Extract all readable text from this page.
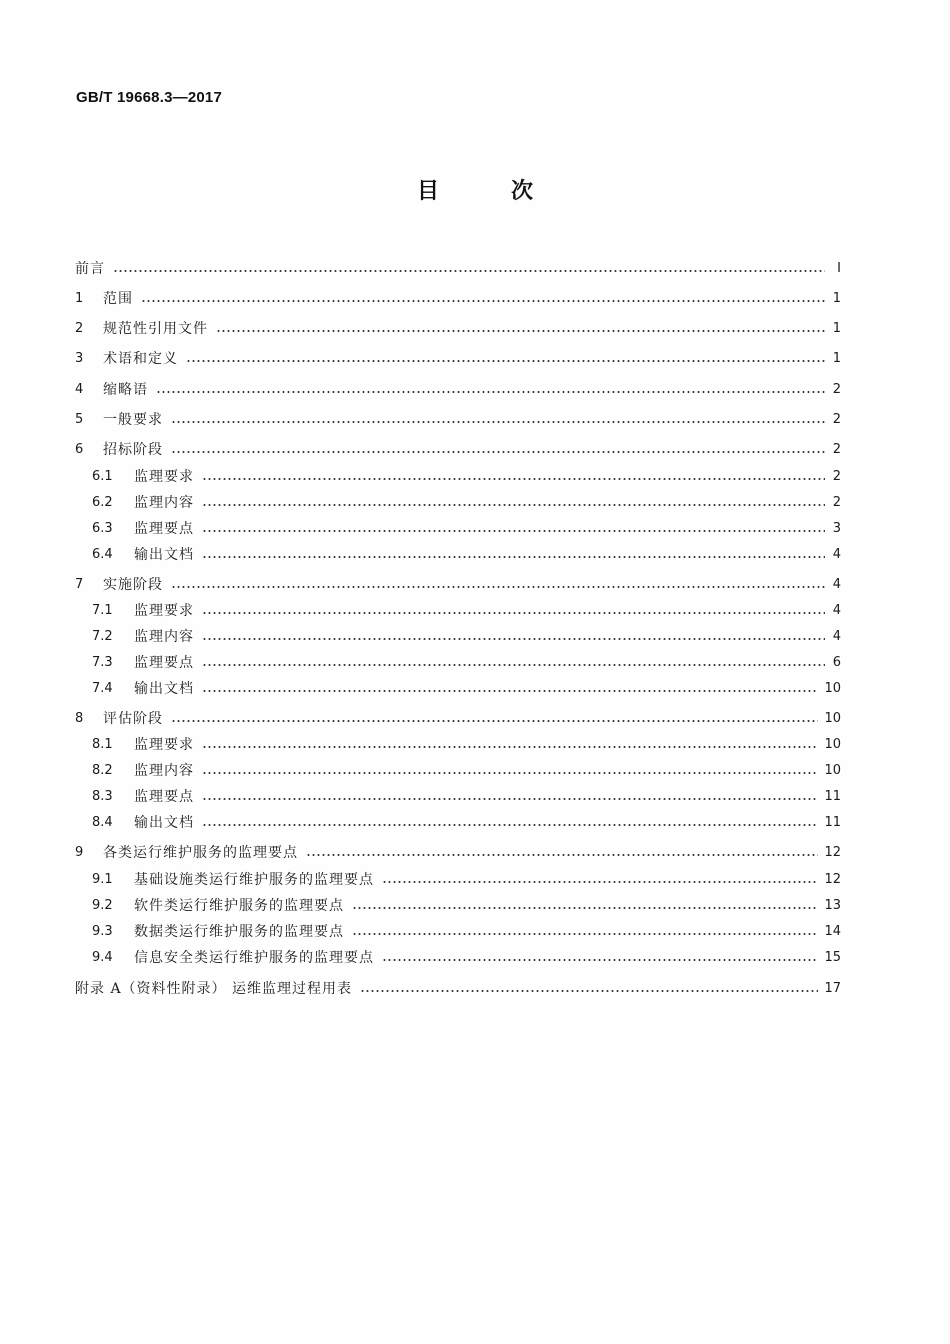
GB/T 19668.3—2017
目	次
前言	Ⅰ
1	范围	1
2	规范性引用文件	1
3	术语和定义	1
4	缩略语	2
5	一般要求	2
6	招标阶段	2
6.1	监理要求	2
6.2	监理内容	2
6.3	监理要点	3
6.4	输出文档	4
7	实施阶段	4
7.1	监理要求	4
7.2	监理内容	4
7.3	监理要点	6
7.4	输出文档	10
8	评估阶段	10
8.1	监理要求	10
8.2	监理内容	10
8.3	监理要点	11
8.4	输出文档	11
9	各类运行维护服务的监理要点	12
9.1	基础设施类运行维护服务的监理要点	12
9.2	软件类运行维护服务的监理要点	13
9.3	数据类运行维护服务的监理要点	14
9.4	信息安全类运行维护服务的监理要点	15
附录 A（资料性附录） 运维监理过程用表	17
